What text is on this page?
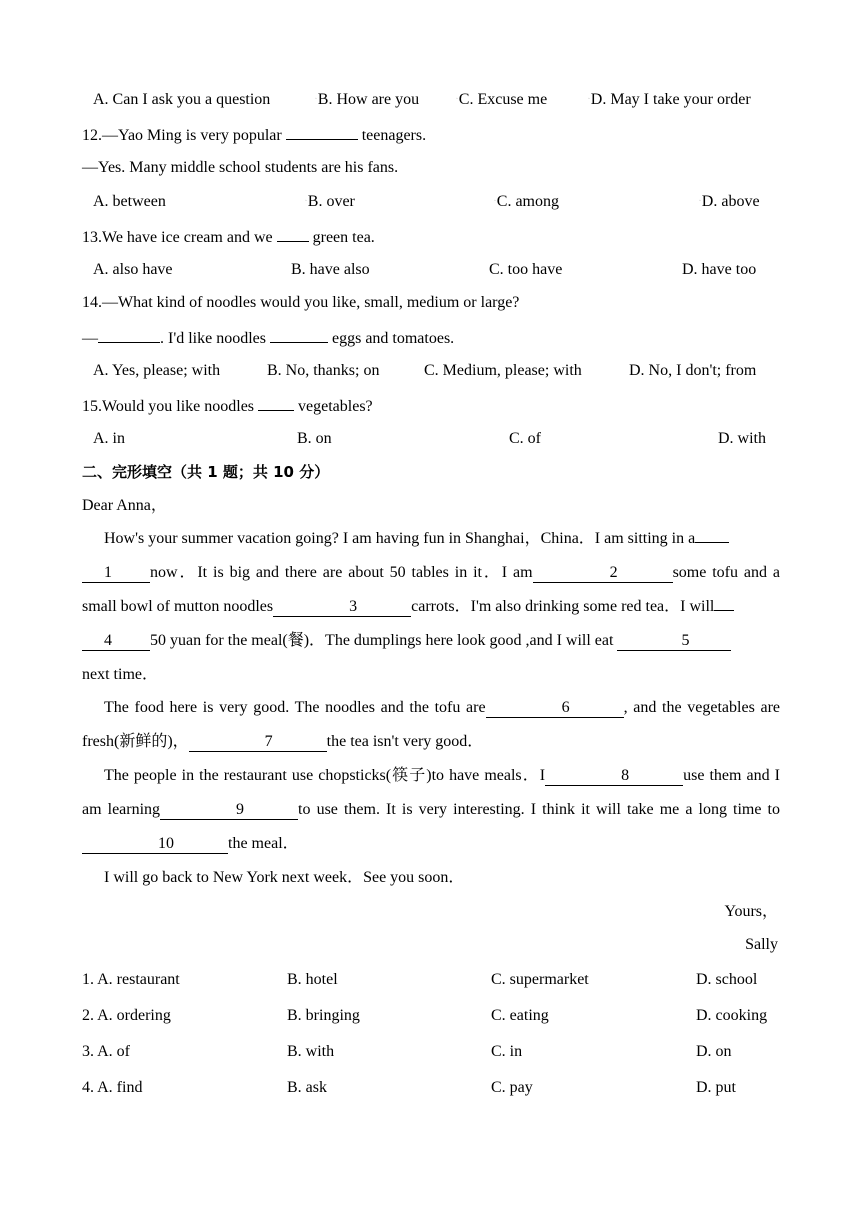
A. Can I ask you a question	◦B. How are you	◦C. Excuse me	◦D. May I take your order
12.—Yao Ming is very popular	teenagers.
—Yes. Many middle school students are his fans.
A. between	◦B. over	◦C. among	◦D. above
13.We have ice cream and we	green tea.
A. also have	B. have also	C. too have	D. have too
14.—What kind of noodles would you like, small, medium or large?
—	. I'd like noodles	eggs and tomatoes.
A. Yes, please; with	B. No, thanks; on	C. Medium, please; with	D. No, I don't; from
15.Would you like noodles	vegetables?
A. in	B. on	C. of	D. with
二、完形填空（共 1 题；共 10 分）
Dear Anna，
How's your summer vacation going? I am having fun in Shanghai，China．I am sitting in a
1 now．It is big and there are about 50 tables in it．I am	2	some tofu and a small bowl of mutton noodles	3	carrots．I'm also drinking some red tea．I will
4 50 yuan for the meal(餐)．The dumplings here look good ,and I will eat	5
next time．
The food here is very good. The noodles and the tofu are	6	, and the vegetables are fresh(新鲜的)，	7	the tea isn't very good．
The people in the restaurant use chopsticks(筷子)to have meals．I	8	use them and I am learning	9	to use them. It is very interesting. I think it will take me a long time to10	the meal．
I will go back to New York next week．See you soon．
Yours，
Sally
1. A. restaurant	B. hotel	C. supermarket	D. school
2. A. ordering	B. bringing	C. eating	D. cooking
3. A. of	B. with	C. in	D. on
4. A. find	B. ask	C. pay	D. put
